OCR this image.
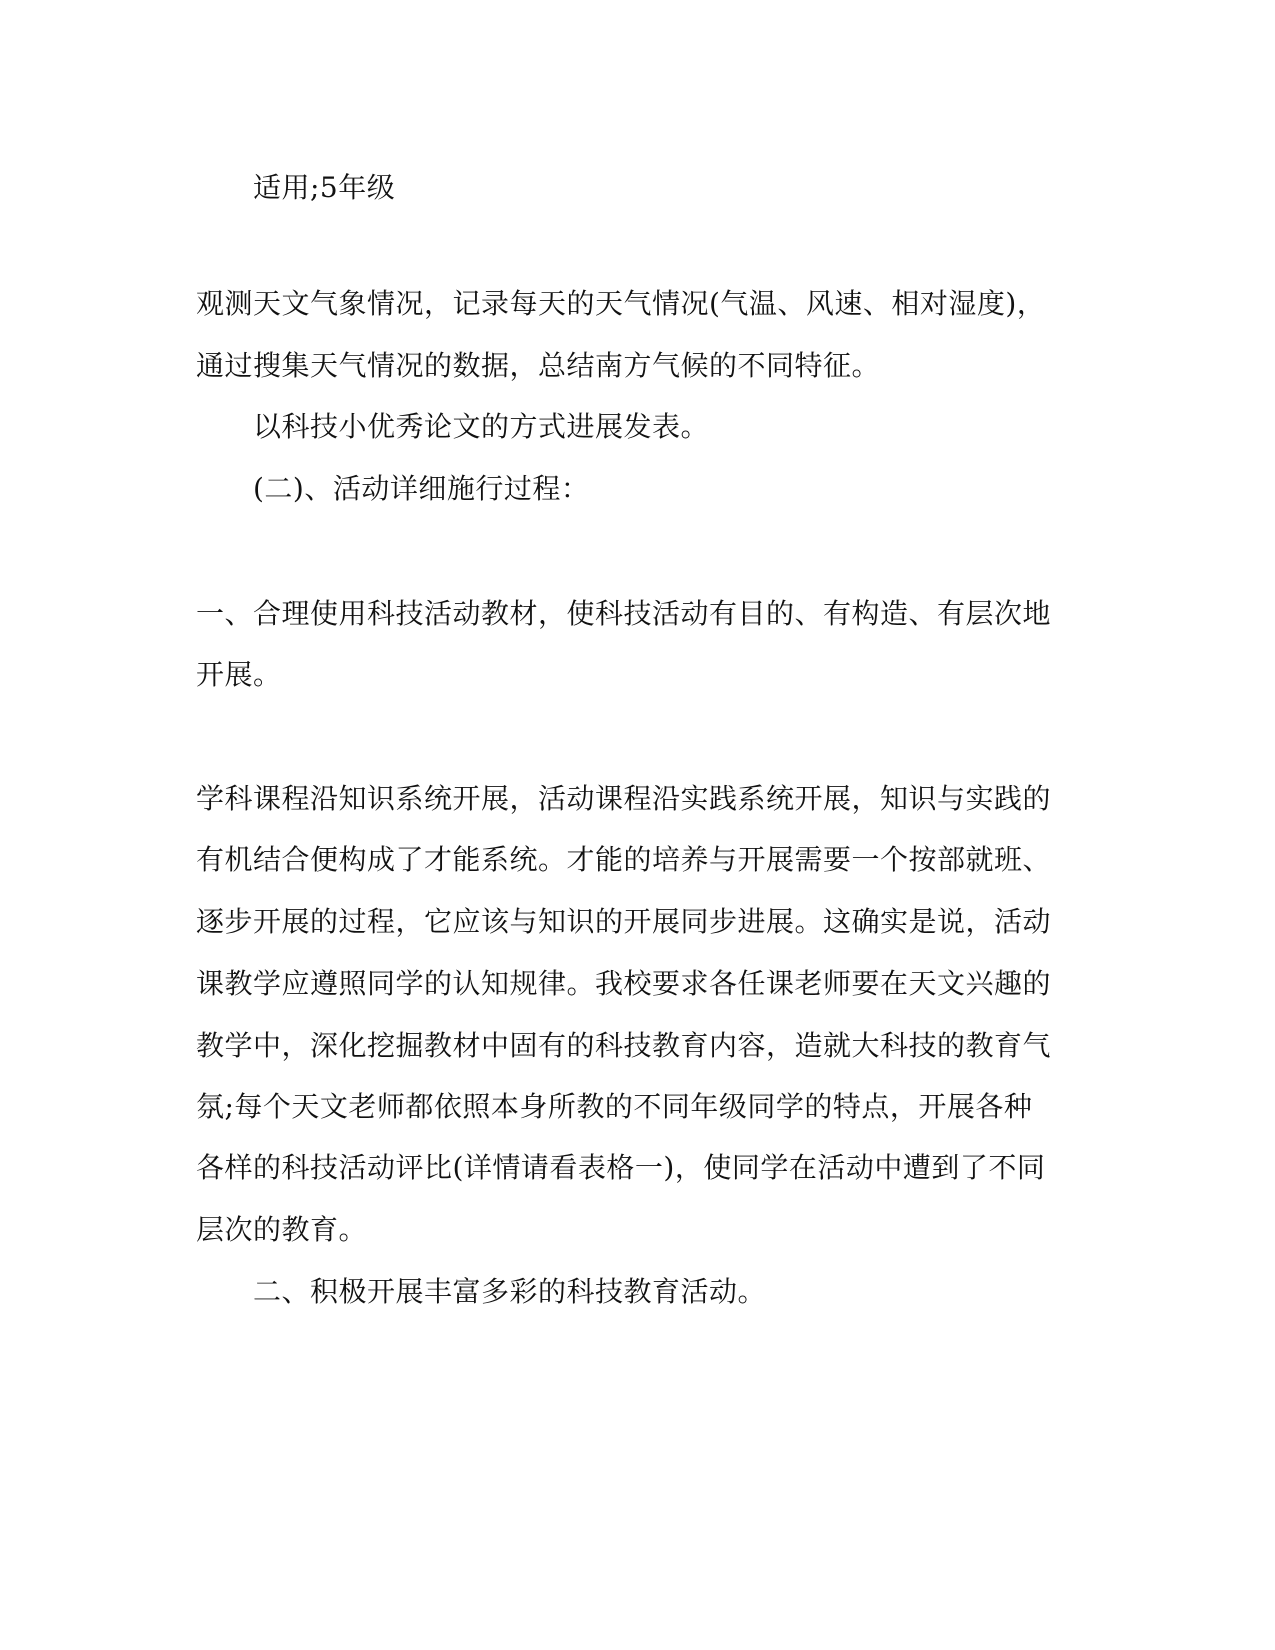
适用;5年级

观测天文气象情况，记录每天的天气情况(气温、风速、相对湿度)，

通过搜集天气情况的数据，总结南方气候的不同特征。

以科技小优秀论文的方式进展发表。

(二)、活动详细施行过程：

一、合理使用科技活动教材，使科技活动有目的、有构造、有层次地

开展。

学科课程沿知识系统开展，活动课程沿实践系统开展，知识与实践的

有机结合便构成了才能系统。才能的培养与开展需要一个按部就班、

逐步开展的过程，它应该与知识的开展同步进展。这确实是说，活动

课教学应遵照同学的认知规律。我校要求各任课老师要在天文兴趣的

教学中，深化挖掘教材中固有的科技教育内容，造就大科技的教育气

氛;每个天文老师都依照本身所教的不同年级同学的特点，开展各种

各样的科技活动评比(详情请看表格一)，使同学在活动中遭到了不同

层次的教育。

二、积极开展丰富多彩的科技教育活动。
